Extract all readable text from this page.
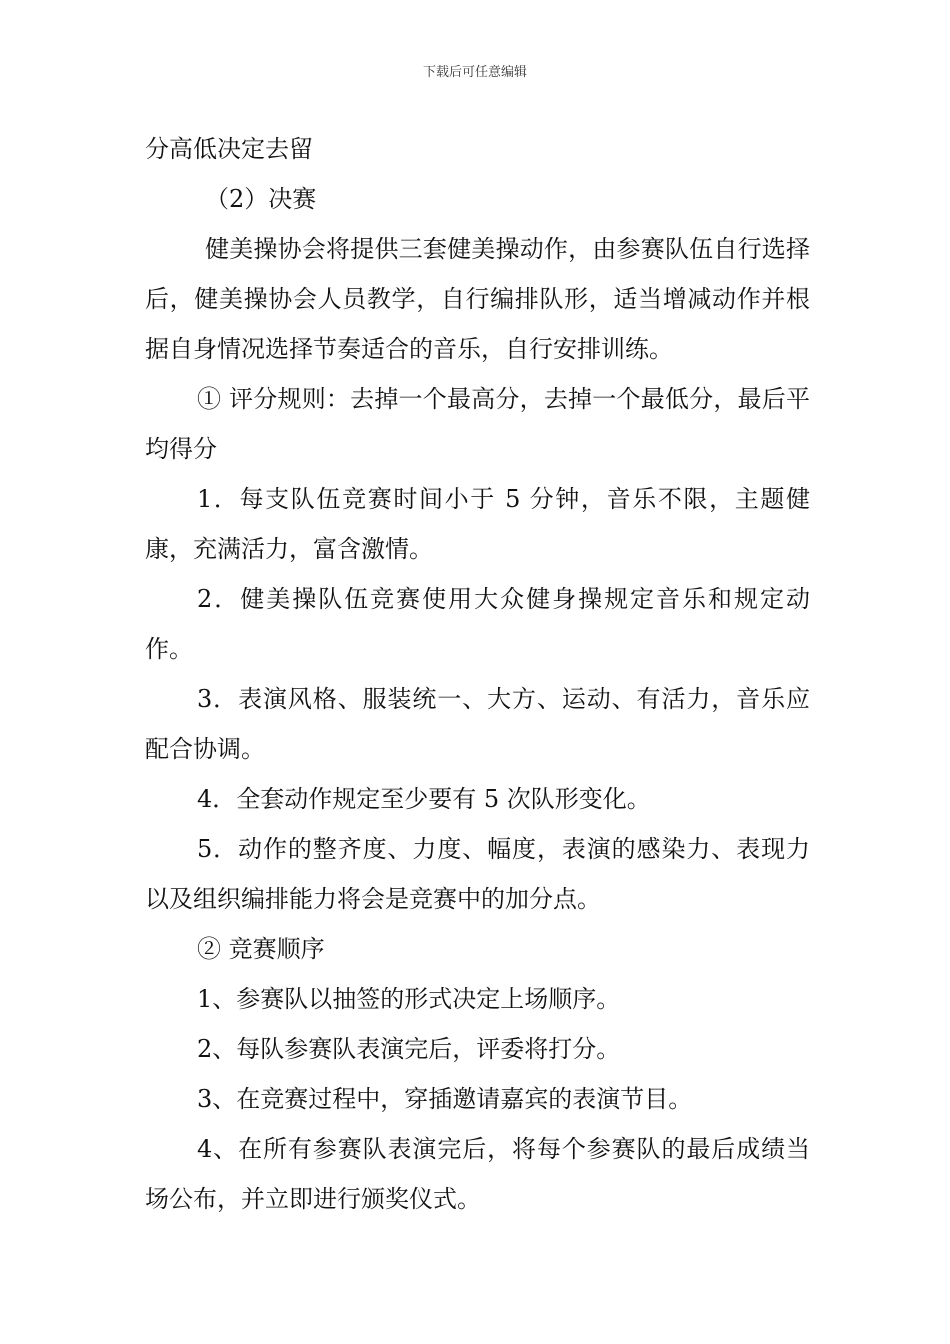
下载后可任意编辑

分高低决定去留

（2）决赛

健美操协会将提供三套健美操动作，由参赛队伍自行选择后，健美操协会人员教学，自行编排队形，适当增减动作并根据自身情况选择节奏适合的音乐，自行安排训练。

① 评分规则：去掉一个最高分，去掉一个最低分，最后平均得分

1．每支队伍竞赛时间小于 5 分钟，音乐不限，主题健康，充满活力，富含激情。

2．健美操队伍竞赛使用大众健身操规定音乐和规定动作。

3．表演风格、服装统一、大方、运动、有活力，音乐应配合协调。

4．全套动作规定至少要有 5 次队形变化。

5．动作的整齐度、力度、幅度，表演的感染力、表现力以及组织编排能力将会是竞赛中的加分点。

② 竞赛顺序

1、参赛队以抽签的形式决定上场顺序。

2、每队参赛队表演完后，评委将打分。

3、在竞赛过程中，穿插邀请嘉宾的表演节目。

4、在所有参赛队表演完后，将每个参赛队的最后成绩当场公布，并立即进行颁奖仪式。
